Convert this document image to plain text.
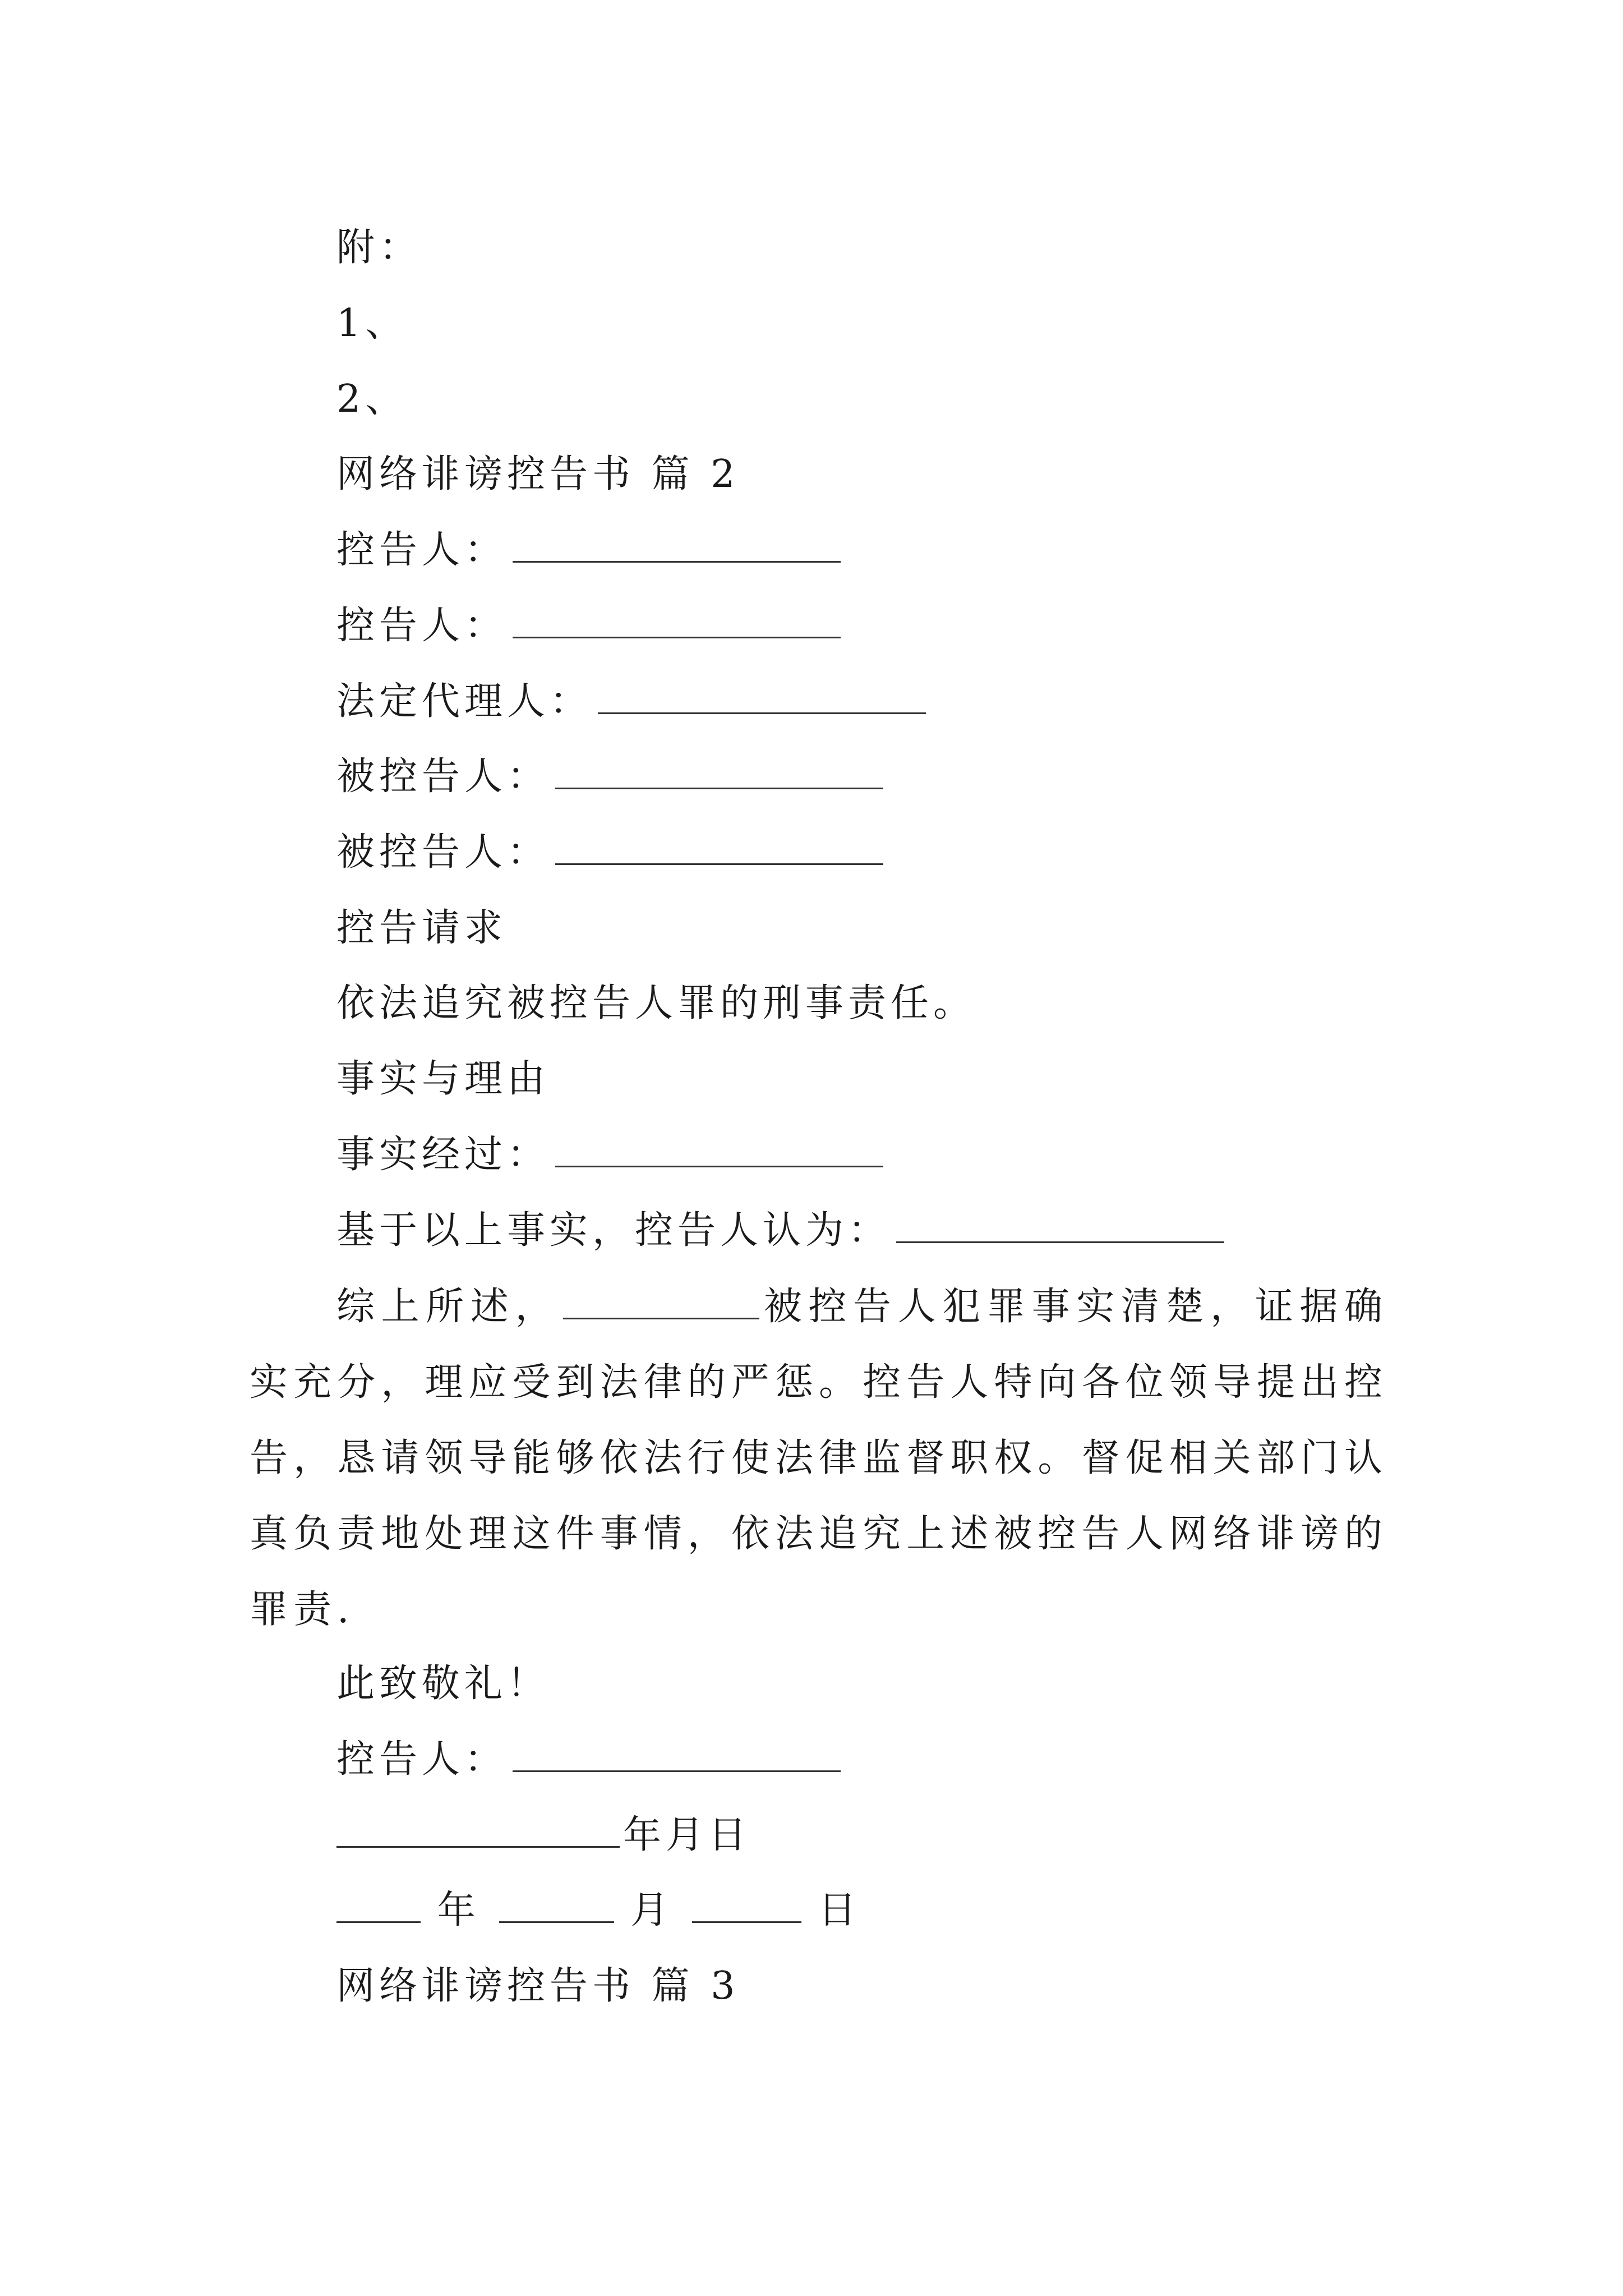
附：
1、
2、
网络诽谤控告书 篇 2
控告人：
控告人：
法定代理人：
被控告人：
被控告人：
控告请求
依法追究被控告人罪的刑事责任。
事实与理由
事实经过：
基于以上事实，控告人认为：
综上所述，	被控告人犯罪事实清楚，证据确实充分，理应受到法律的严惩。控告人特向各位领导提出控告，恳请领导能够依法行使法律监督职权。督促相关部门认真负责地处理这件事情，依法追究上述被控告人网络诽谤的罪责.
此致敬礼！
控告人：
年月日
年	月	日
网络诽谤控告书 篇 3
